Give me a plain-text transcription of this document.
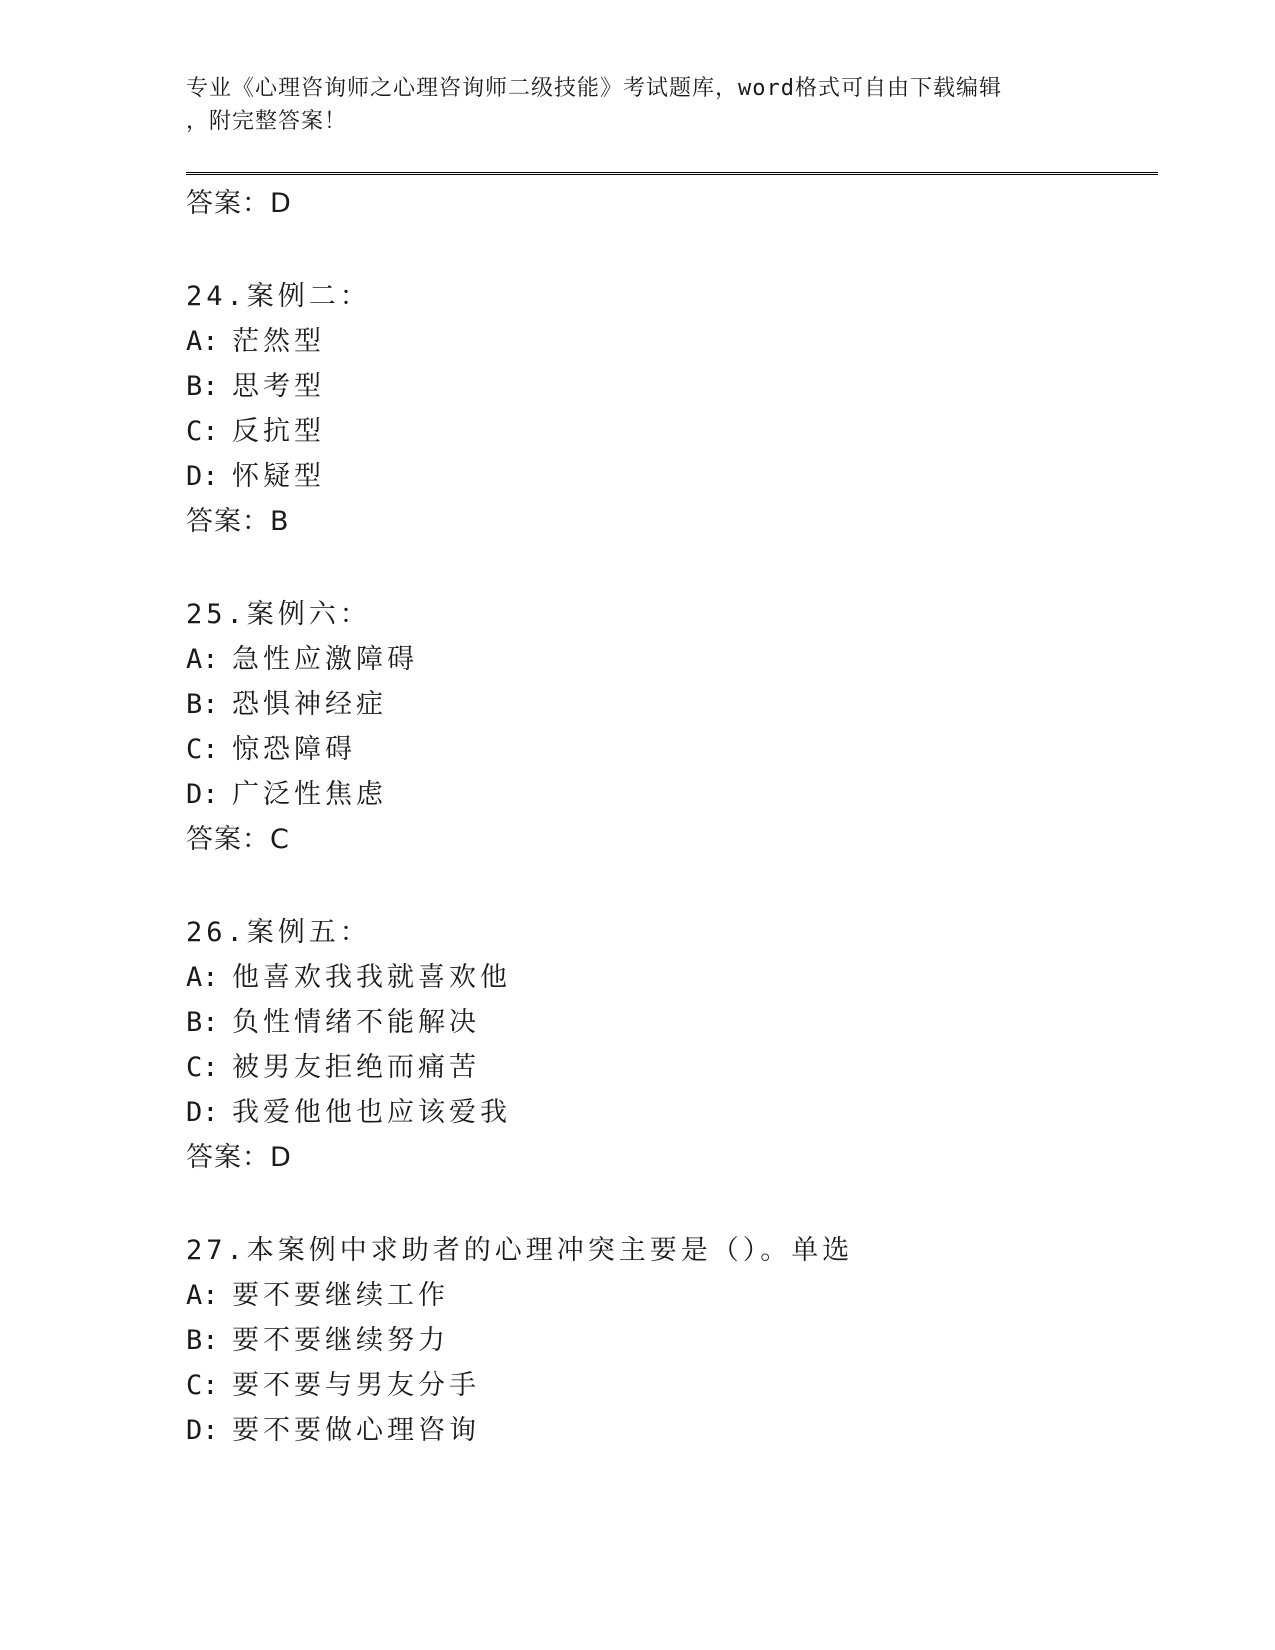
专业《心理咨询师之心理咨询师二级技能》考试题库，word格式可自由下载编辑
，附完整答案！
答案：D
24.案例二：
A: 茫然型
B: 思考型
C: 反抗型
D: 怀疑型
答案：B
25.案例六：
A: 急性应激障碍
B: 恐惧神经症
C: 惊恐障碍
D: 广泛性焦虑
答案：C
26.案例五：
A: 他喜欢我我就喜欢他
B: 负性情绪不能解决
C: 被男友拒绝而痛苦
D: 我爱他他也应该爱我
答案：D
27.本案例中求助者的心理冲突主要是（）。单选
A: 要不要继续工作
B: 要不要继续努力
C: 要不要与男友分手
D: 要不要做心理咨询
